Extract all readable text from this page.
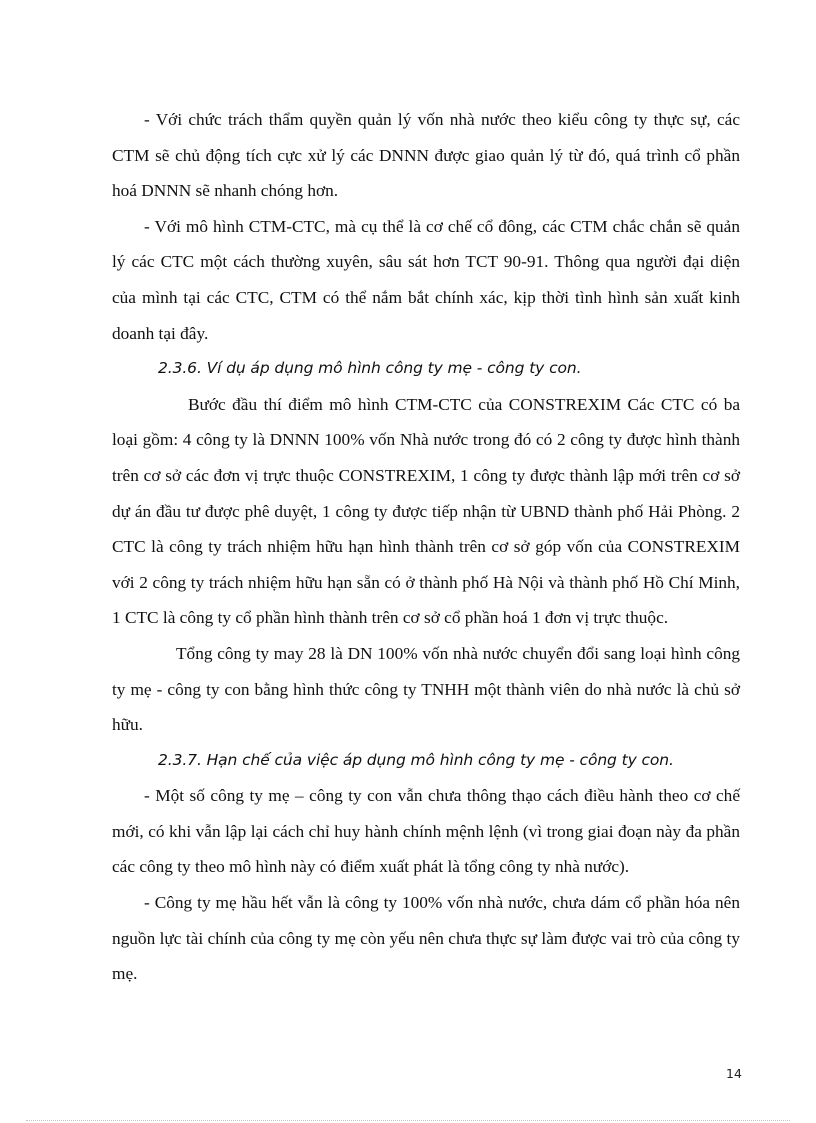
- Với chức trách thẩm quyền quản lý vốn nhà nước theo kiểu công ty thực sự, các CTM sẽ chủ động tích cực xử lý các DNNN được giao quản lý từ đó, quá trình cổ phần hoá DNNN sẽ nhanh chóng hơn.

- Với mô hình CTM-CTC, mà cụ thể là cơ chế cổ đông, các CTM chắc chắn sẽ quản lý các CTC một cách thường xuyên, sâu sát hơn TCT 90-91. Thông qua người đại diện của mình tại các CTC, CTM có thể nắm bắt chính xác, kịp thời tình hình sản xuất kinh doanh tại đây.

2.3.6. Ví dụ áp dụng mô hình công ty mẹ - công ty con.

Bước đầu thí điểm mô hình CTM-CTC của CONSTREXIM Các CTC có ba loại gồm: 4 công ty là DNNN 100% vốn Nhà nước trong đó có 2 công ty được hình thành trên cơ sở các đơn vị trực thuộc CONSTREXIM, 1 công ty được thành lập mới trên cơ sở dự án đầu tư được phê duyệt, 1 công ty được tiếp nhận từ UBND thành phố Hải Phòng. 2 CTC là công ty trách nhiệm hữu hạn hình thành trên cơ sở góp vốn của CONSTREXIM với 2 công ty trách nhiệm hữu hạn sẵn có ở thành phố Hà Nội và thành phố Hồ Chí Minh, 1 CTC là công ty cổ phần hình thành trên cơ sở cổ phần hoá 1 đơn vị trực thuộc.

Tổng công ty may 28 là DN 100% vốn nhà nước chuyển đổi sang loại hình công ty mẹ - công ty con bằng hình thức công ty TNHH một thành viên do nhà nước là chủ sở hữu.

2.3.7. Hạn chế của việc áp dụng mô hình công ty mẹ - công ty con.

- Một số công ty mẹ – công ty con vẫn chưa thông thạo cách điều hành theo cơ chế mới, có khi vẫn lập lại cách chỉ huy hành chính mệnh lệnh (vì trong giai đoạn này đa phần các công ty theo mô hình này có điểm xuất phát là tổng công ty nhà nước).

- Công ty mẹ hầu hết vẫn là công ty 100% vốn nhà nước, chưa dám cổ phần hóa nên nguồn lực tài chính của công ty mẹ còn yếu nên chưa thực sự làm được vai trò của công ty mẹ.

14
